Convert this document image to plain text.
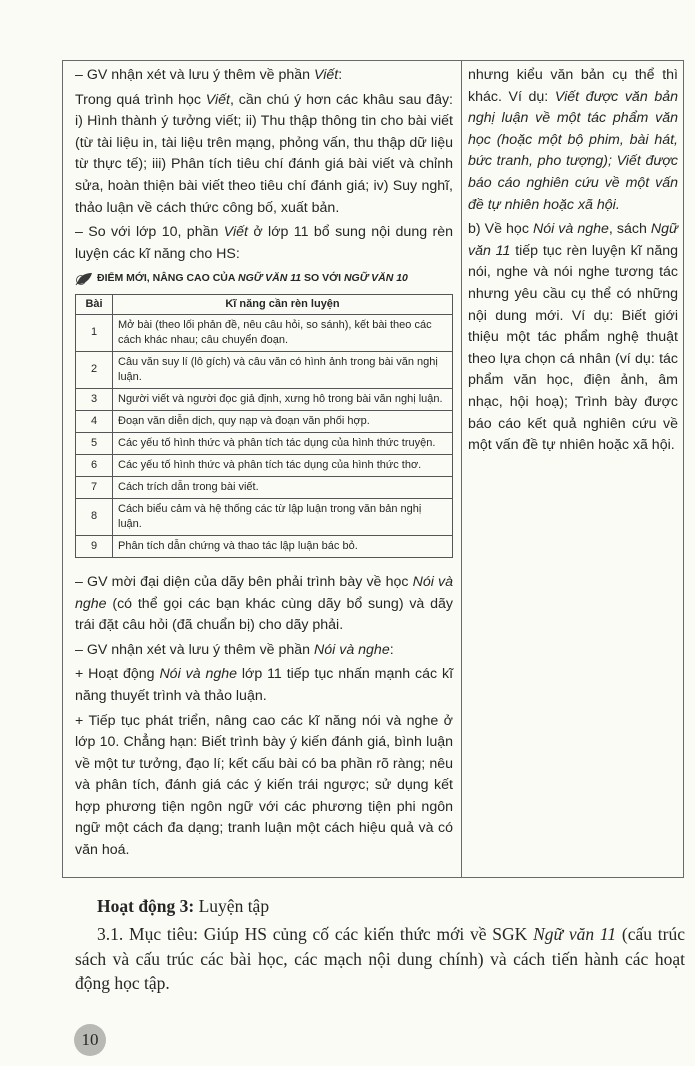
– GV nhận xét và lưu ý thêm về phần Viết:

Trong quá trình học Viết, cần chú ý hơn các khâu sau đây: i) Hình thành ý tưởng viết; ii) Thu thập thông tin cho bài viết (từ tài liệu in, tài liệu trên mạng, phỏng vấn, thu thập dữ liệu từ thực tế); iii) Phân tích tiêu chí đánh giá bài viết và chỉnh sửa, hoàn thiện bài viết theo tiêu chí đánh giá; iv) Suy nghĩ, thảo luận về cách thức công bố, xuất bản.

– So với lớp 10, phần Viết ở lớp 11 bổ sung nội dung rèn luyện các kĩ năng cho HS:

ĐIỂM MỚI, NÂNG CAO CỦA NGỮ VĂN 11 SO VỚI NGỮ VĂN 10
Bài	Kĩ năng cần rèn luyện
1	Mở bài (theo lối phản đề, nêu câu hỏi, so sánh), kết bài theo các cách khác nhau; câu chuyển đoạn.
2	Câu văn suy lí (lô gích) và câu văn có hình ảnh trong bài văn nghị luận.
3	Người viết và người đọc giả định, xưng hô trong bài văn nghị luận.
4	Đoạn văn diễn dịch, quy nạp và đoạn văn phối hợp.
5	Các yếu tố hình thức và phân tích tác dụng của hình thức truyện.
6	Các yếu tố hình thức và phân tích tác dụng của hình thức thơ.
7	Cách trích dẫn trong bài viết.
8	Cách biểu cảm và hệ thống các từ lập luận trong văn bản nghị luận.
9	Phân tích dẫn chứng và thao tác lập luận bác bỏ.

– GV mời đại diện của dãy bên phải trình bày về học Nói và nghe (có thể gọi các bạn khác cùng dãy bổ sung) và dãy trái đặt câu hỏi (đã chuẩn bị) cho dãy phải.

– GV nhận xét và lưu ý thêm về phần Nói và nghe:

+ Hoạt động Nói và nghe lớp 11 tiếp tục nhấn mạnh các kĩ năng thuyết trình và thảo luận.

+ Tiếp tục phát triển, nâng cao các kĩ năng nói và nghe ở lớp 10. Chẳng hạn: Biết trình bày ý kiến đánh giá, bình luận về một tư tưởng, đạo lí; kết cấu bài có ba phần rõ ràng; nêu và phân tích, đánh giá các ý kiến trái ngược; sử dụng kết hợp phương tiện ngôn ngữ với các phương tiện phi ngôn ngữ một cách đa dạng; tranh luận một cách hiệu quả và có văn hoá.

nhưng kiểu văn bản cụ thể thì khác. Ví dụ: Viết được văn bản nghị luận về một tác phẩm văn học (hoặc một bộ phim, bài hát, bức tranh, pho tượng); Viết được báo cáo nghiên cứu về một vấn đề tự nhiên hoặc xã hội.

b) Về học Nói và nghe, sách Ngữ văn 11 tiếp tục rèn luyện kĩ năng nói, nghe và nói nghe tương tác nhưng yêu cầu cụ thể có những nội dung mới. Ví dụ: Biết giới thiệu một tác phẩm nghệ thuật theo lựa chọn cá nhân (ví dụ: tác phẩm văn học, điện ảnh, âm nhạc, hội hoạ); Trình bày được báo cáo kết quả nghiên cứu về một vấn đề tự nhiên hoặc xã hội.

Hoạt động 3: Luyện tập

3.1. Mục tiêu: Giúp HS củng cố các kiến thức mới về SGK Ngữ văn 11 (cấu trúc sách và cấu trúc các bài học, các mạch nội dung chính) và cách tiến hành các hoạt động học tập.

10
